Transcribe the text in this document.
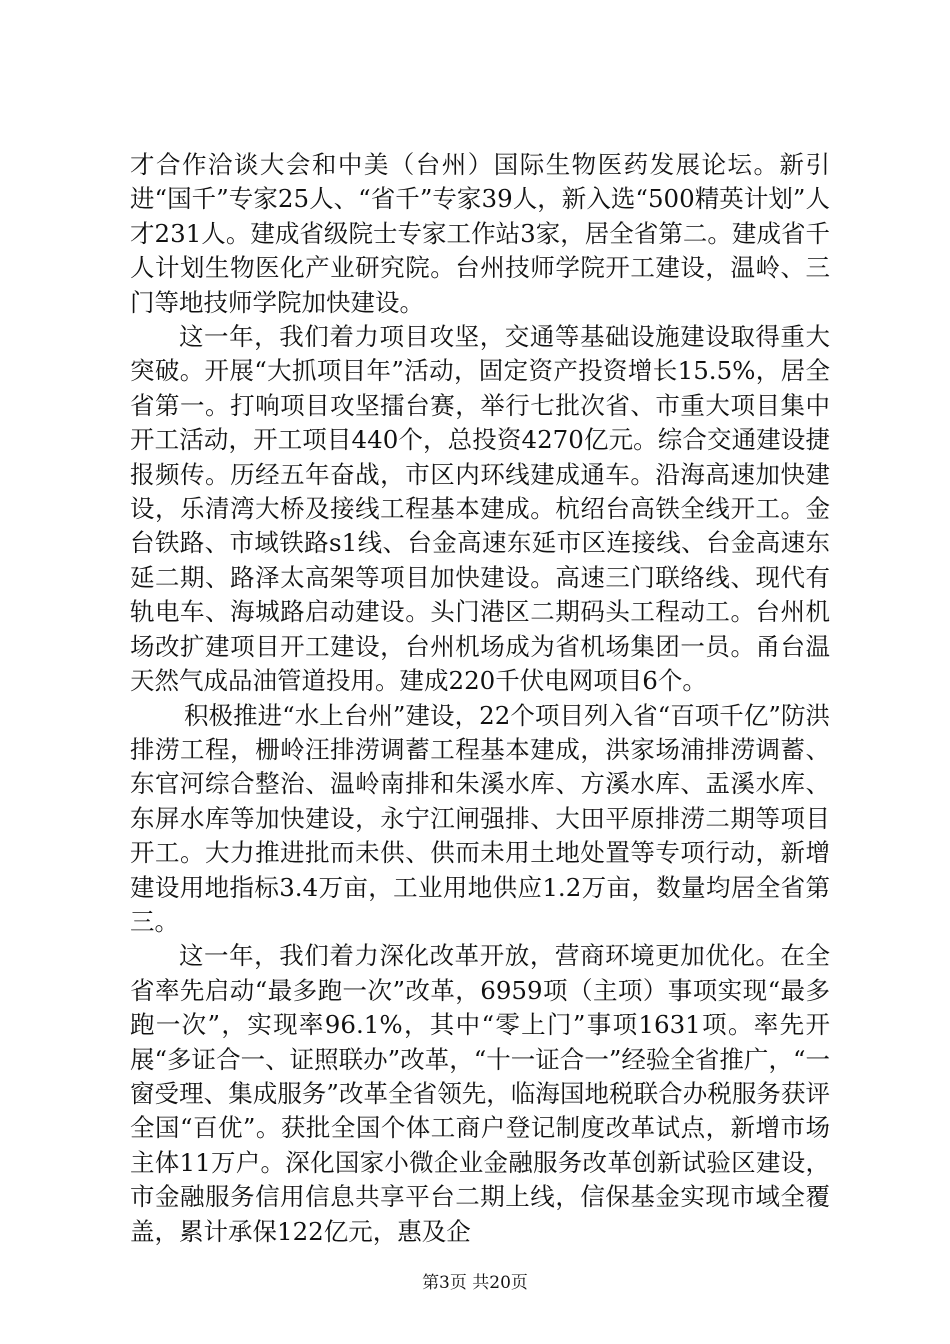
才合作洽谈大会和中美（台州）国际生物医药发展论坛。新引进“国千”专家25人、“省千”专家39人，新入选“500精英计划”人才231人。建成省级院士专家工作站3家，居全省第二。建成省千人计划生物医化产业研究院。台州技师学院开工建设，温岭、三门等地技师学院加快建设。

这一年，我们着力项目攻坚，交通等基础设施建设取得重大突破。开展“大抓项目年”活动，固定资产投资增长15.5%，居全省第一。打响项目攻坚擂台赛，举行七批次省、市重大项目集中开工活动，开工项目440个，总投资4270亿元。综合交通建设捷报频传。历经五年奋战，市区内环线建成通车。沿海高速加快建设，乐清湾大桥及接线工程基本建成。杭绍台高铁全线开工。金台铁路、市域铁路s1线、台金高速东延市区连接线、台金高速东延二期、路泽太高架等项目加快建设。高速三门联络线、现代有轨电车、海城路启动建设。头门港区二期码头工程动工。台州机场改扩建项目开工建设，台州机场成为省机场集团一员。甬台温天然气成品油管道投用。建成220千伏电网项目6个。

积极推进“水上台州”建设，22个项目列入省“百项千亿”防洪排涝工程，栅岭汪排涝调蓄工程基本建成，洪家场浦排涝调蓄、东官河综合整治、温岭南排和朱溪水库、方溪水库、盂溪水库、东屏水库等加快建设，永宁江闸强排、大田平原排涝二期等项目开工。大力推进批而未供、供而未用土地处置等专项行动，新增建设用地指标3.4万亩，工业用地供应1.2万亩，数量均居全省第三。

这一年，我们着力深化改革开放，营商环境更加优化。在全省率先启动“最多跑一次”改革，6959项（主项）事项实现“最多跑一次”，实现率96.1%，其中“零上门”事项1631项。率先开展“多证合一、证照联办”改革，“十一证合一”经验全省推广，“一窗受理、集成服务”改革全省领先，临海国地税联合办税服务获评全国“百优”。获批全国个体工商户登记制度改革试点，新增市场主体11万户。深化国家小微企业金融服务改革创新试验区建设，市金融服务信用信息共享平台二期上线，信保基金实现市域全覆盖，累计承保122亿元，惠及企

第3页 共20页
